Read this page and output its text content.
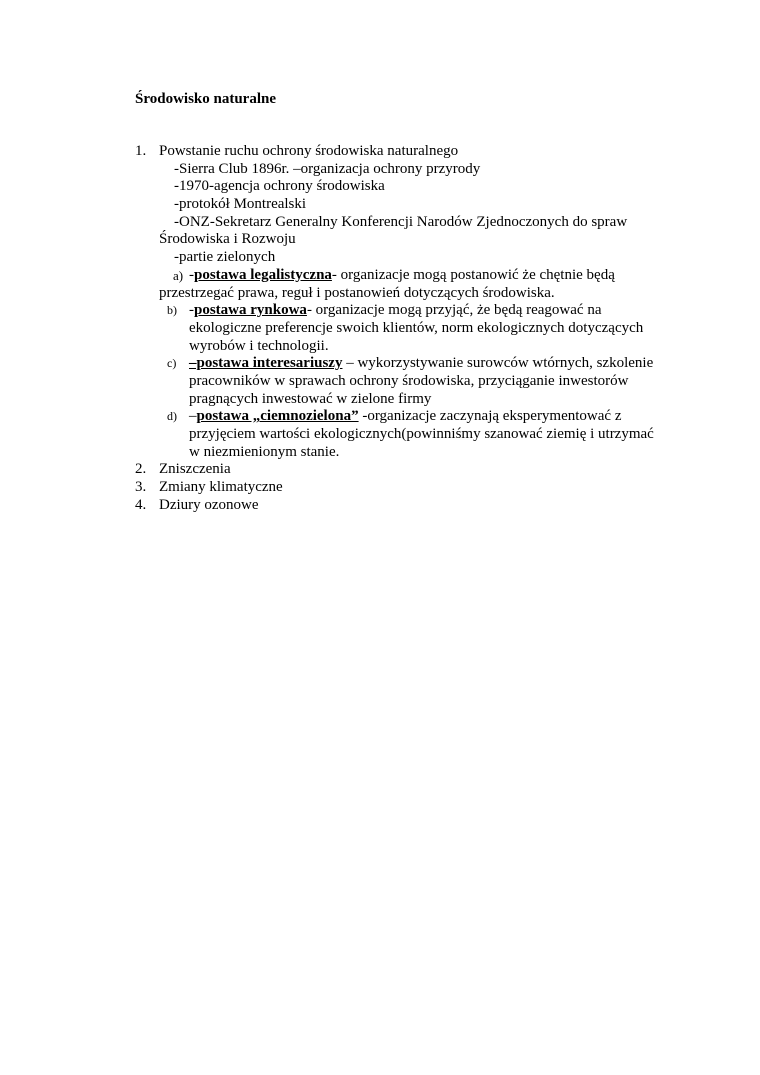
Środowisko naturalne
1. Powstanie ruchu ochrony środowiska naturalnego
-Sierra Club 1896r. –organizacja ochrony przyrody
-1970-agencja ochrony środowiska
-protokół Montrealski
-ONZ-Sekretarz Generalny Konferencji Narodów Zjednoczonych do spraw
Środowiska i Rozwoju
-partie zielonych
a) -postawa legalistyczna- organizacje mogą postanowić że chętnie będą
przestrzegać prawa, reguł i postanowień dotyczących środowiska.
b) -postawa rynkowa- organizacje mogą przyjąć, że będą reagować na
ekologiczne preferencje swoich klientów, norm ekologicznych dotyczących
wyrobów i technologii.
c) –postawa interesariuszy – wykorzystywanie surowców wtórnych, szkolenie
pracowników w sprawach ochrony środowiska, przyciąganie inwestorów
pragnących inwestować w zielone firmy
d) –postawa „ciemnozielona” -organizacje zaczynają eksperymentować z
przyjęciem wartości ekologicznych(powinniśmy szanować ziemię i utrzymać
w niezmienionym stanie.
2. Zniszczenia
3. Zmiany klimatyczne
4. Dziury ozonowe
